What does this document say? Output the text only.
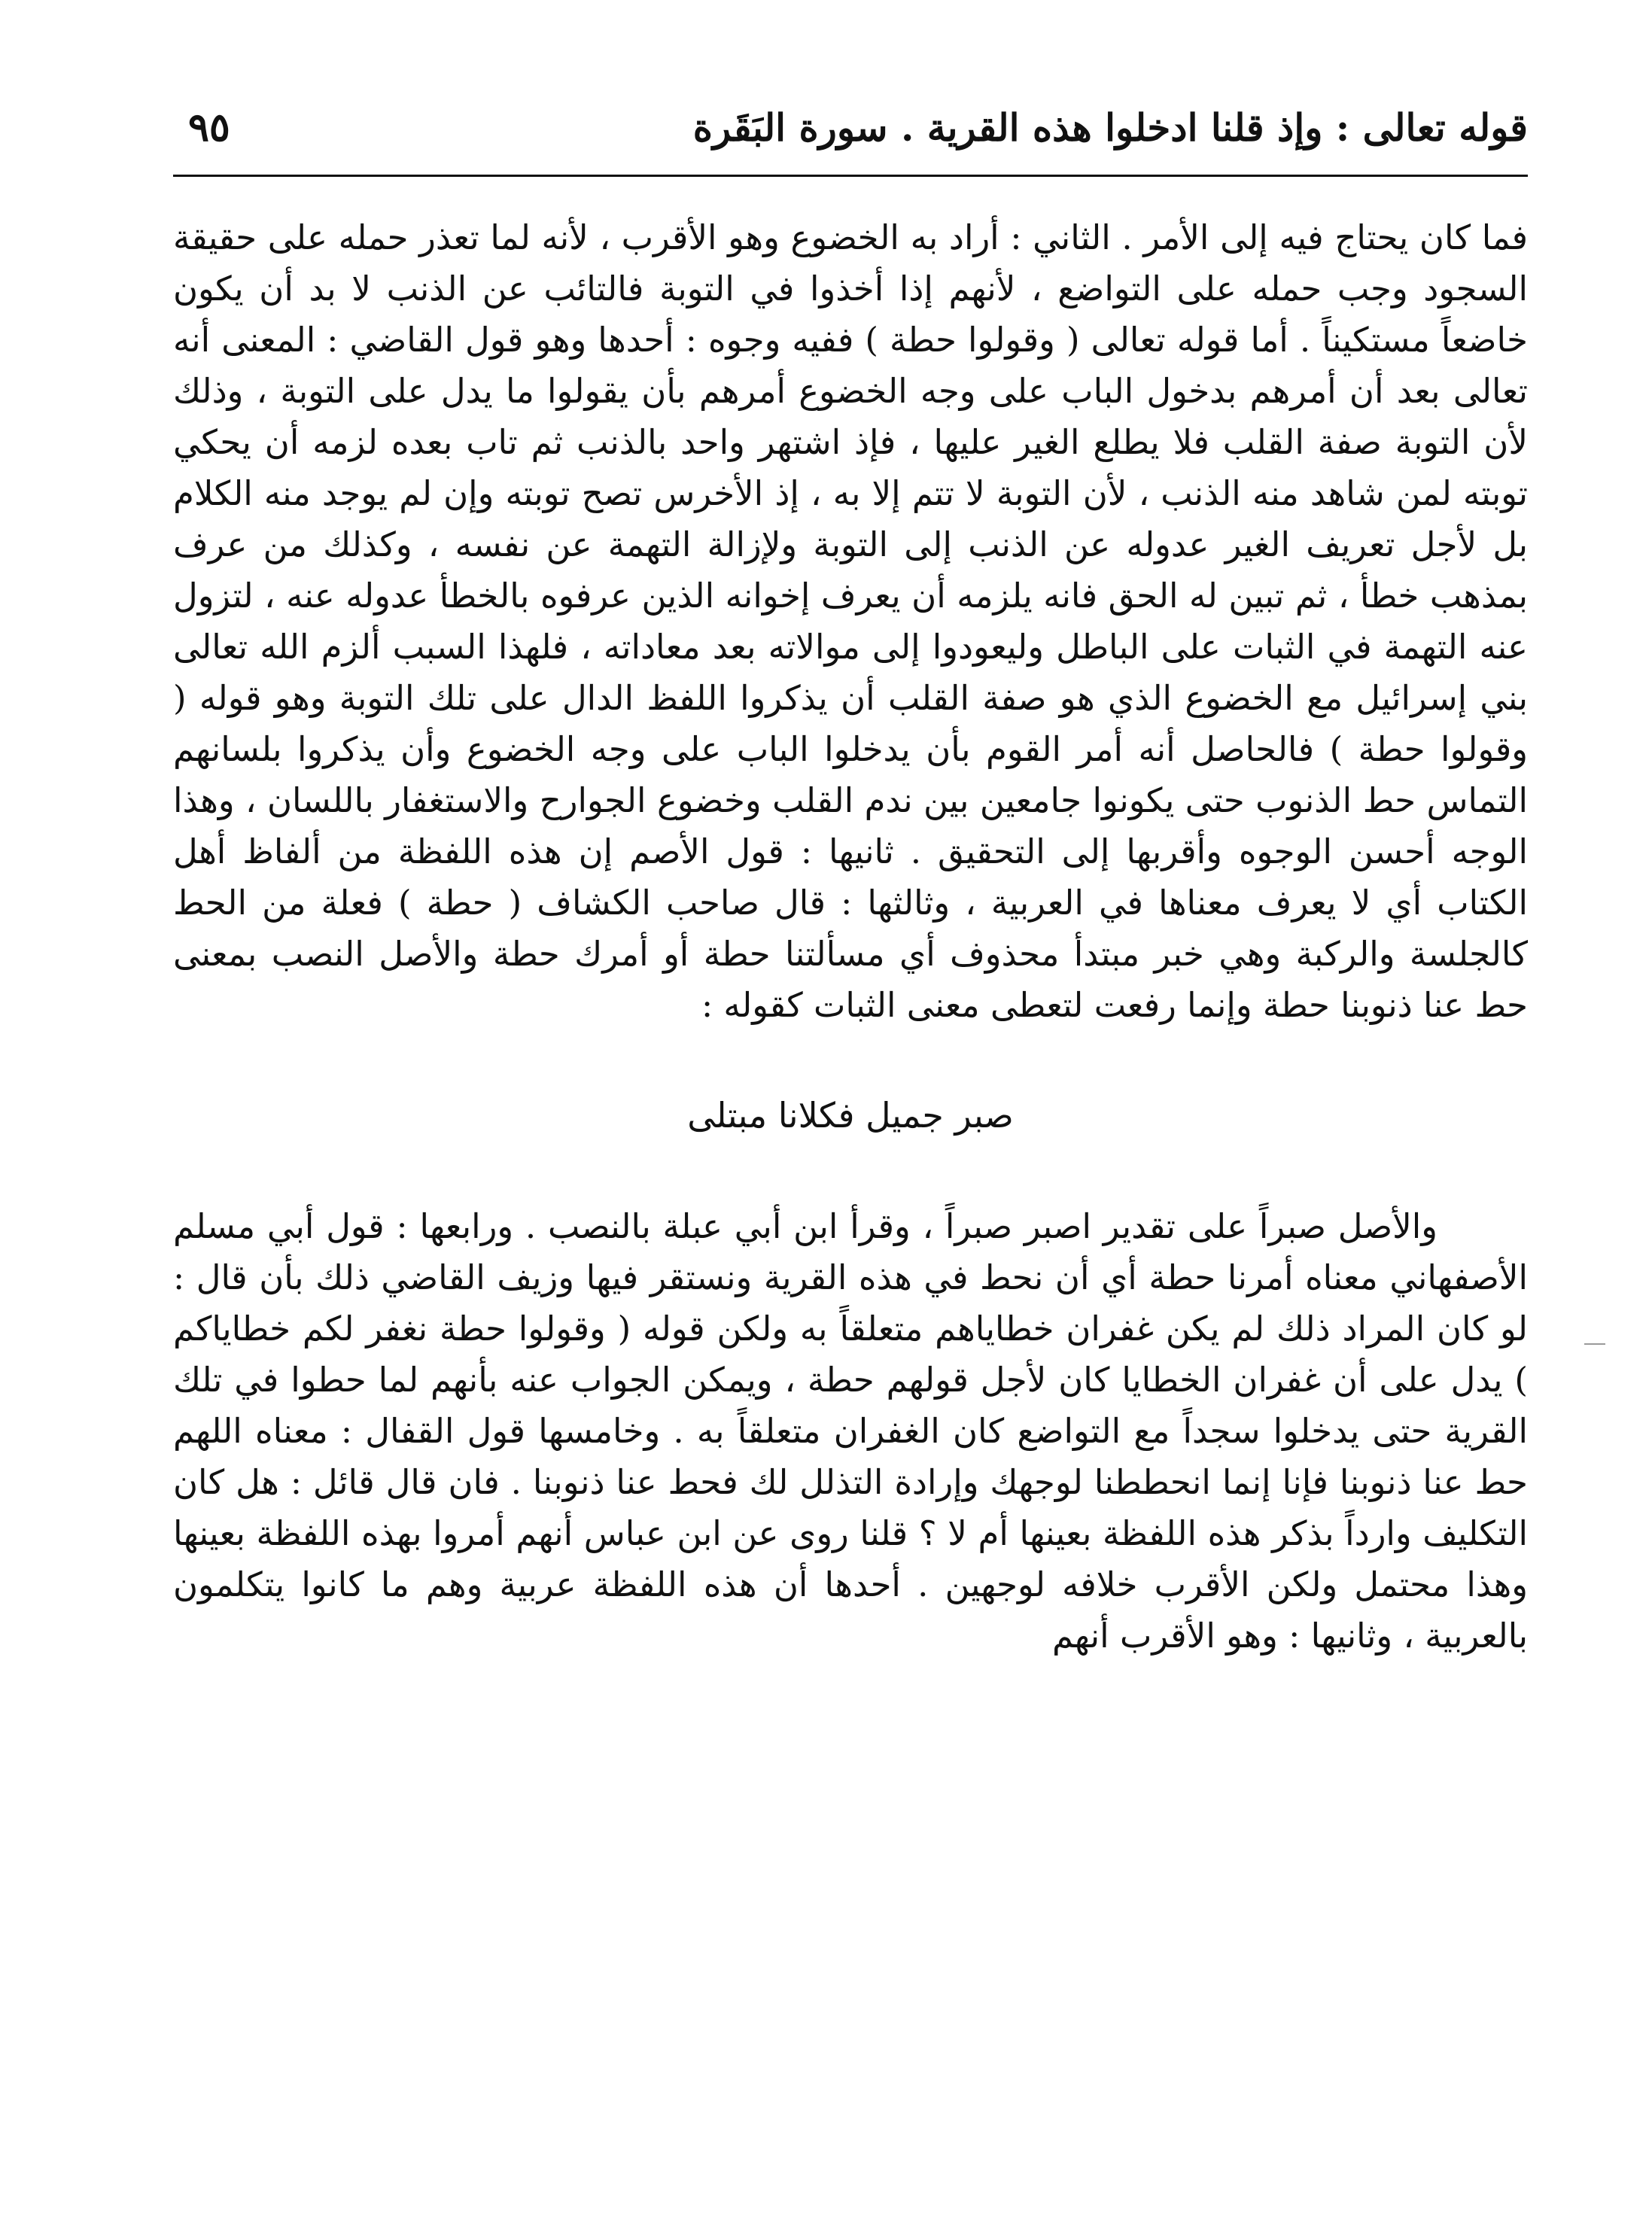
قوله تعالى : وإذ قلنا ادخلوا هذه القرية . سورة البَقَرة
٩٥

فما كان يحتاج فيه إلى الأمر . الثاني : أراد به الخضوع وهو الأقرب ، لأنه لما تعذر حمله على حقيقة السجود وجب حمله على التواضع ، لأنهم إذا أخذوا في التوبة فالتائب عن الذنب لا بد أن يكون خاضعاً مستكيناً . أما قوله تعالى ( وقولوا حطة ) ففيه وجوه : أحدها وهو قول القاضي : المعنى أنه تعالى بعد أن أمرهم بدخول الباب على وجه الخضوع أمرهم بأن يقولوا ما يدل على التوبة ، وذلك لأن التوبة صفة القلب فلا يطلع الغير عليها ، فإذ اشتهر واحد بالذنب ثم تاب بعده لزمه أن يحكي توبته لمن شاهد منه الذنب ، لأن التوبة لا تتم إلا به ، إذ الأخرس تصح توبته وإن لم يوجد منه الكلام بل لأجل تعريف الغير عدوله عن الذنب إلى التوبة ولإزالة التهمة عن نفسه ، وكذلك من عرف بمذهب خطأ ، ثم تبين له الحق فانه يلزمه أن يعرف إخوانه الذين عرفوه بالخطأ عدوله عنه ، لتزول عنه التهمة في الثبات على الباطل وليعودوا إلى موالاته بعد معاداته ، فلهذا السبب ألزم الله تعالى بني إسرائيل مع الخضوع الذي هو صفة القلب أن يذكروا اللفظ الدال على تلك التوبة وهو قوله ( وقولوا حطة ) فالحاصل أنه أمر القوم بأن يدخلوا الباب على وجه الخضوع وأن يذكروا بلسانهم التماس حط الذنوب حتى يكونوا جامعين بين ندم القلب وخضوع الجوارح والاستغفار باللسان ، وهذا الوجه أحسن الوجوه وأقربها إلى التحقيق . ثانيها : قول الأصم إن هذه اللفظة من ألفاظ أهل الكتاب أي لا يعرف معناها في العربية ، وثالثها : قال صاحب الكشاف ( حطة ) فعلة من الحط كالجلسة والركبة وهي خبر مبتدأ محذوف أي مسألتنا حطة أو أمرك حطة والأصل النصب بمعنى حط عنا ذنوبنا حطة وإنما رفعت لتعطى معنى الثبات كقوله :

صبر جميل فكلانا مبتلى

والأصل صبراً على تقدير اصبر صبراً ، وقرأ ابن أبي عبلة بالنصب . ورابعها : قول أبي مسلم الأصفهاني معناه أمرنا حطة أي أن نحط في هذه القرية ونستقر فيها وزيف القاضي ذلك بأن قال : لو كان المراد ذلك لم يكن غفران خطاياهم متعلقاً به ولكن قوله ( وقولوا حطة نغفر لكم خطاياكم ) يدل على أن غفران الخطايا كان لأجل قولهم حطة ، ويمكن الجواب عنه بأنهم لما حطوا في تلك القرية حتى يدخلوا سجداً مع التواضع كان الغفران متعلقاً به . وخامسها قول القفال : معناه اللهم حط عنا ذنوبنا فإنا إنما انحططنا لوجهك وإرادة التذلل لك فحط عنا ذنوبنا . فان قال قائل : هل كان التكليف وارداً بذكر هذه اللفظة بعينها أم لا ؟ قلنا روى عن ابن عباس أنهم أمروا بهذه اللفظة بعينها وهذا محتمل ولكن الأقرب خلافه لوجهين . أحدها أن هذه اللفظة عربية وهم ما كانوا يتكلمون بالعربية ، وثانيها : وهو الأقرب أنهم
